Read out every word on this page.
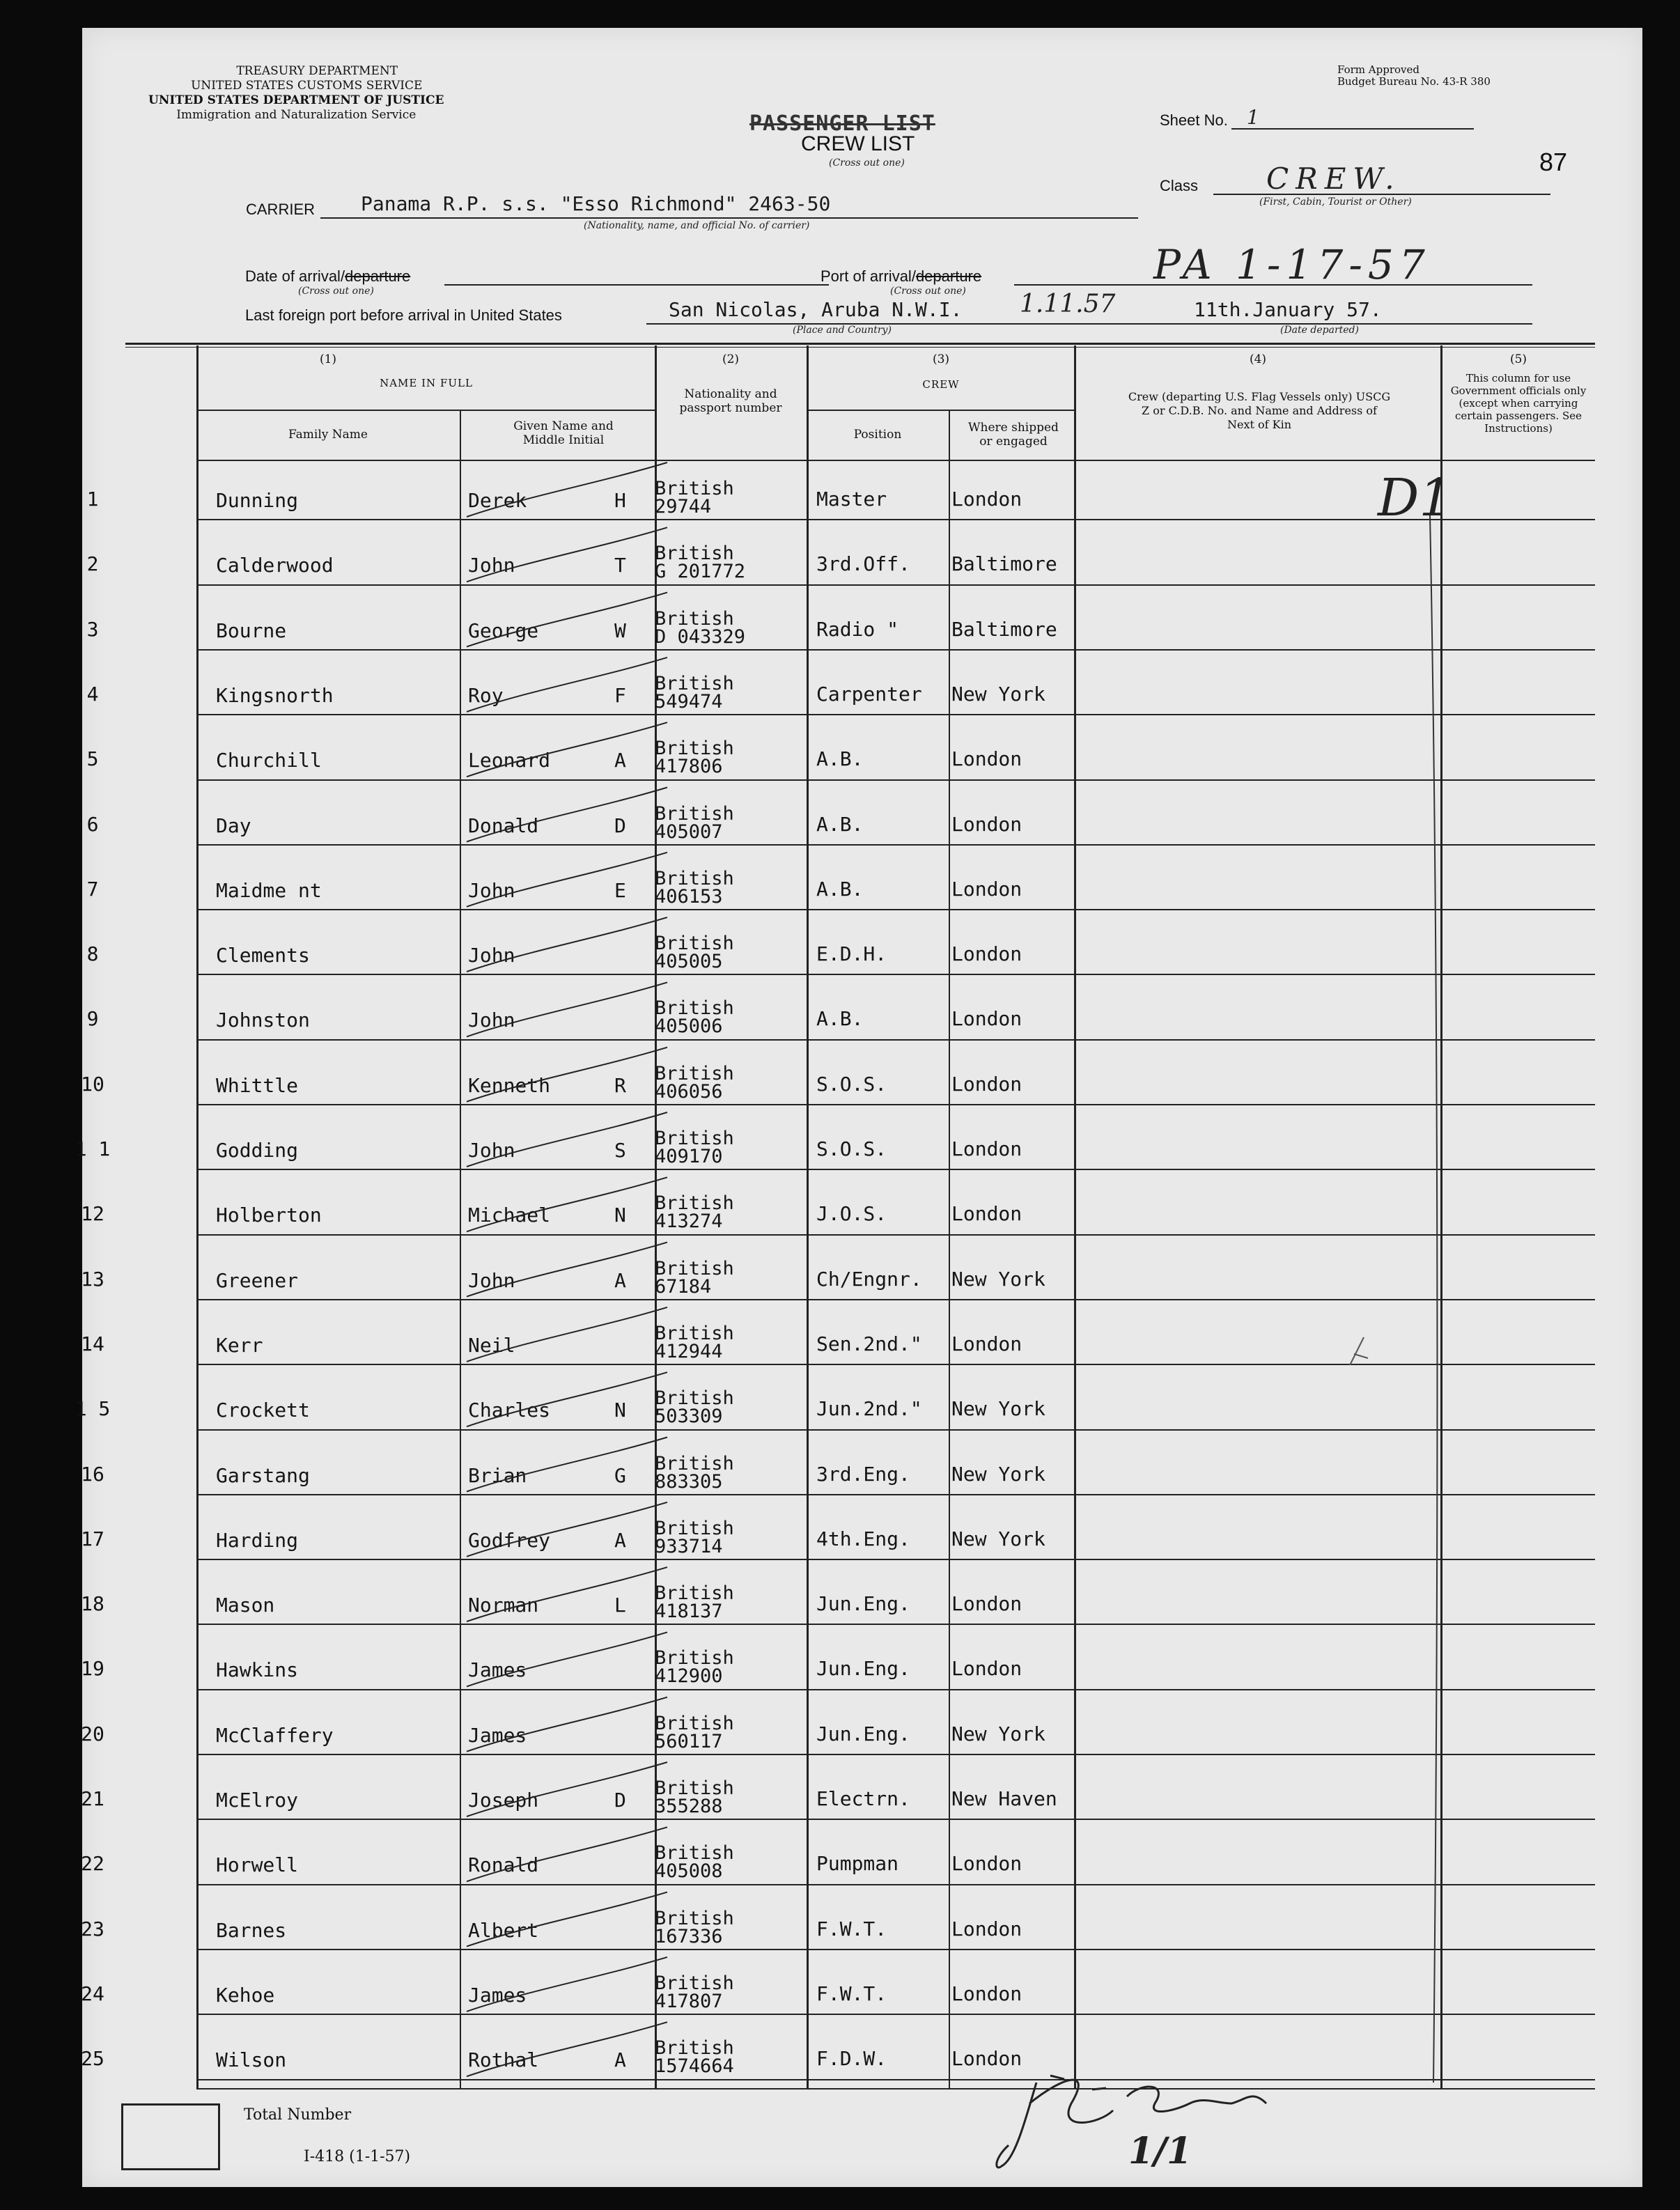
TREASURY DEPARTMENT
UNITED STATES CUSTOMS SERVICE
UNITED STATES DEPARTMENT OF JUSTICE
Immigration and Naturalization Service
Form Approved
Budget Bureau No. 43-R 380
PASSENGER LIST
CREW LIST
(Cross out one)
Sheet No. 1
87
Class CREW.
(First, Cabin, Tourist or Other)
CARRIER Panama R.P. s.s. "Esso Richmond" 2463-50
(Nationality, name, and official No. of carrier)
Date of arrival/departure
(Cross out one)
Port of arrival/departure
(Cross out one)
PA 1-17-57
Last foreign port before arrival in United States	San Nicolas, Aruba N.W.I. 1.11.57	11th.January 57.
(Place and Country)	(Date departed)
(1)
NAME IN FULL
Family Name
Given Name and Middle Initial
(2)
Nationality and passport number
(3)
CREW
Position	Where shipped or engaged
(4)
Crew (departing U.S. Flag Vessels only) USCG Z or C.D.B. No. and Name and Address of Next of Kin
(5)
This column for use Government officials only (except when carrying certain passengers. See Instructions)
1	Dunning	Derek	H
British
29744	Master	London
2	Calderwood	John	T
British
G 201772	3rd.Off. Baltimore
3	Bourne	George	W
British
D 043329	Radio "	Baltimore
4	Kingsnorth	Roy	F
British
549474	Carpenter New York
5	Churchill	Leonard	A
British
417806	A.B.	London
6	Day	Donald	D
British
405007	A.B.	London
7	Maidme nt	John	E
British
406153	A.B.	London
8	Clements	John
British
405005	E.D.H.	London
9	Johnston	John
British
405006	A.B.	London
10	Whittle	Kenneth	R
British
406056	S.O.S.	London
1 1	Godding	John	S
British
409170	S.O.S.	London
12	Holberton	Michael	N
British
413274	J.O.S.	London
13	Greener	John	A
British
67184	Ch/Engnr. New York
14	Kerr	Neil
British
412944	Sen.2nd." London
1 5	Crockett	Charles	N
British
503309	Jun.2nd." New York
16	Garstang	Brian	G
British
883305	3rd.Eng. New York
17	Harding	Godfrey	A
British
933714	4th.Eng. New York
18	Mason	Norman	L
British
418137	Jun.Eng. London
19	Hawkins	James
British
412900	Jun.Eng. London
20	McClaffery	James
British
560117	Jun.Eng. New York
21	McElroy	Joseph	D
British
355288	Electrn. New Haven
22	Horwell	Ronald
British
405008	Pumpman	London
23	Barnes	Albert
British
167336	F.W.T.	London
24	Kehoe	James
British
417807	F.W.T.	London
25	Wilson	Rothal	A
British
1574664	F.D.W.	London
D1
Total Number
I-418 (1-1-57)	1/1
